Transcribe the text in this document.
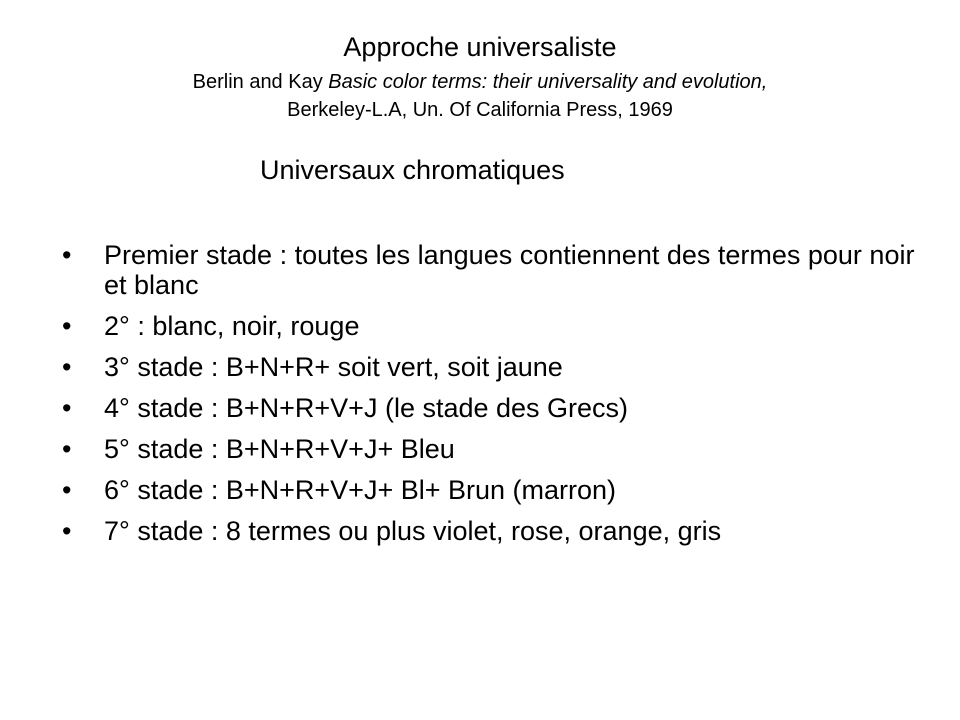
Approche universaliste
Berlin and Kay Basic color terms: their universality and evolution,
Berkeley-L.A, Un. Of California Press, 1969
Universaux chromatiques
• Premier stade : toutes les langues contiennent des termes pour noir et blanc
• 2° : blanc, noir, rouge
• 3° stade : B+N+R+ soit vert, soit jaune
• 4° stade : B+N+R+V+J (le stade des Grecs)
• 5° stade : B+N+R+V+J+ Bleu
• 6° stade : B+N+R+V+J+ Bl+ Brun (marron)
• 7° stade : 8 termes ou plus violet, rose, orange, gris
